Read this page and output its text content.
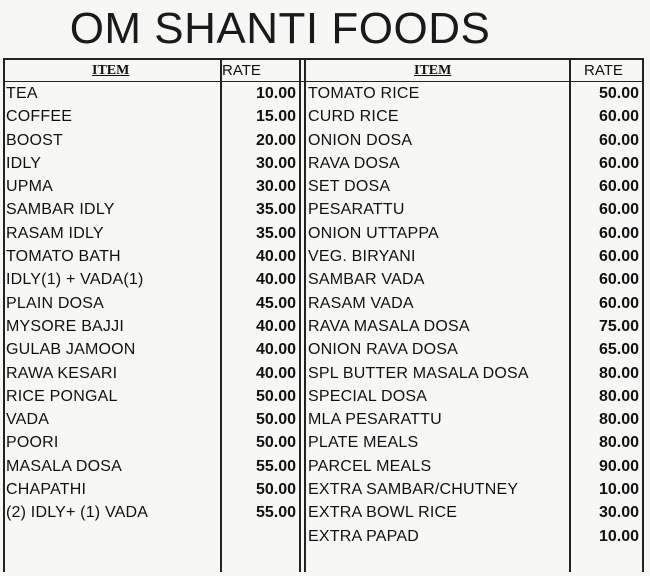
OM SHANTI FOODS
ITEM	RATE	ITEM	RATE
TEA	10.00
COFFEE	15.00
BOOST	20.00
IDLY	30.00
UPMA	30.00
SAMBAR IDLY	35.00
RASAM IDLY	35.00
TOMATO BATH	40.00
IDLY(1) + VADA(1)	40.00
PLAIN DOSA	45.00
MYSORE BAJJI	40.00
GULAB JAMOON	40.00
RAWA KESARI	40.00
RICE PONGAL	50.00
VADA	50.00
POORI	50.00
MASALA DOSA	55.00
CHAPATHI	50.00
(2) IDLY+ (1) VADA	55.00
TOMATO RICE	50.00
CURD RICE	60.00
ONION DOSA	60.00
RAVA DOSA	60.00
SET DOSA	60.00
PESARATTU	60.00
ONION UTTAPPA	60.00
VEG. BIRYANI	60.00
SAMBAR VADA	60.00
RASAM VADA	60.00
RAVA MASALA DOSA	75.00
ONION RAVA DOSA	65.00
SPL BUTTER MASALA DOSA	80.00
SPECIAL DOSA	80.00
MLA PESARATTU	80.00
PLATE MEALS	80.00
PARCEL MEALS	90.00
EXTRA SAMBAR/CHUTNEY	10.00
EXTRA BOWL RICE	30.00
EXTRA PAPAD	10.00
